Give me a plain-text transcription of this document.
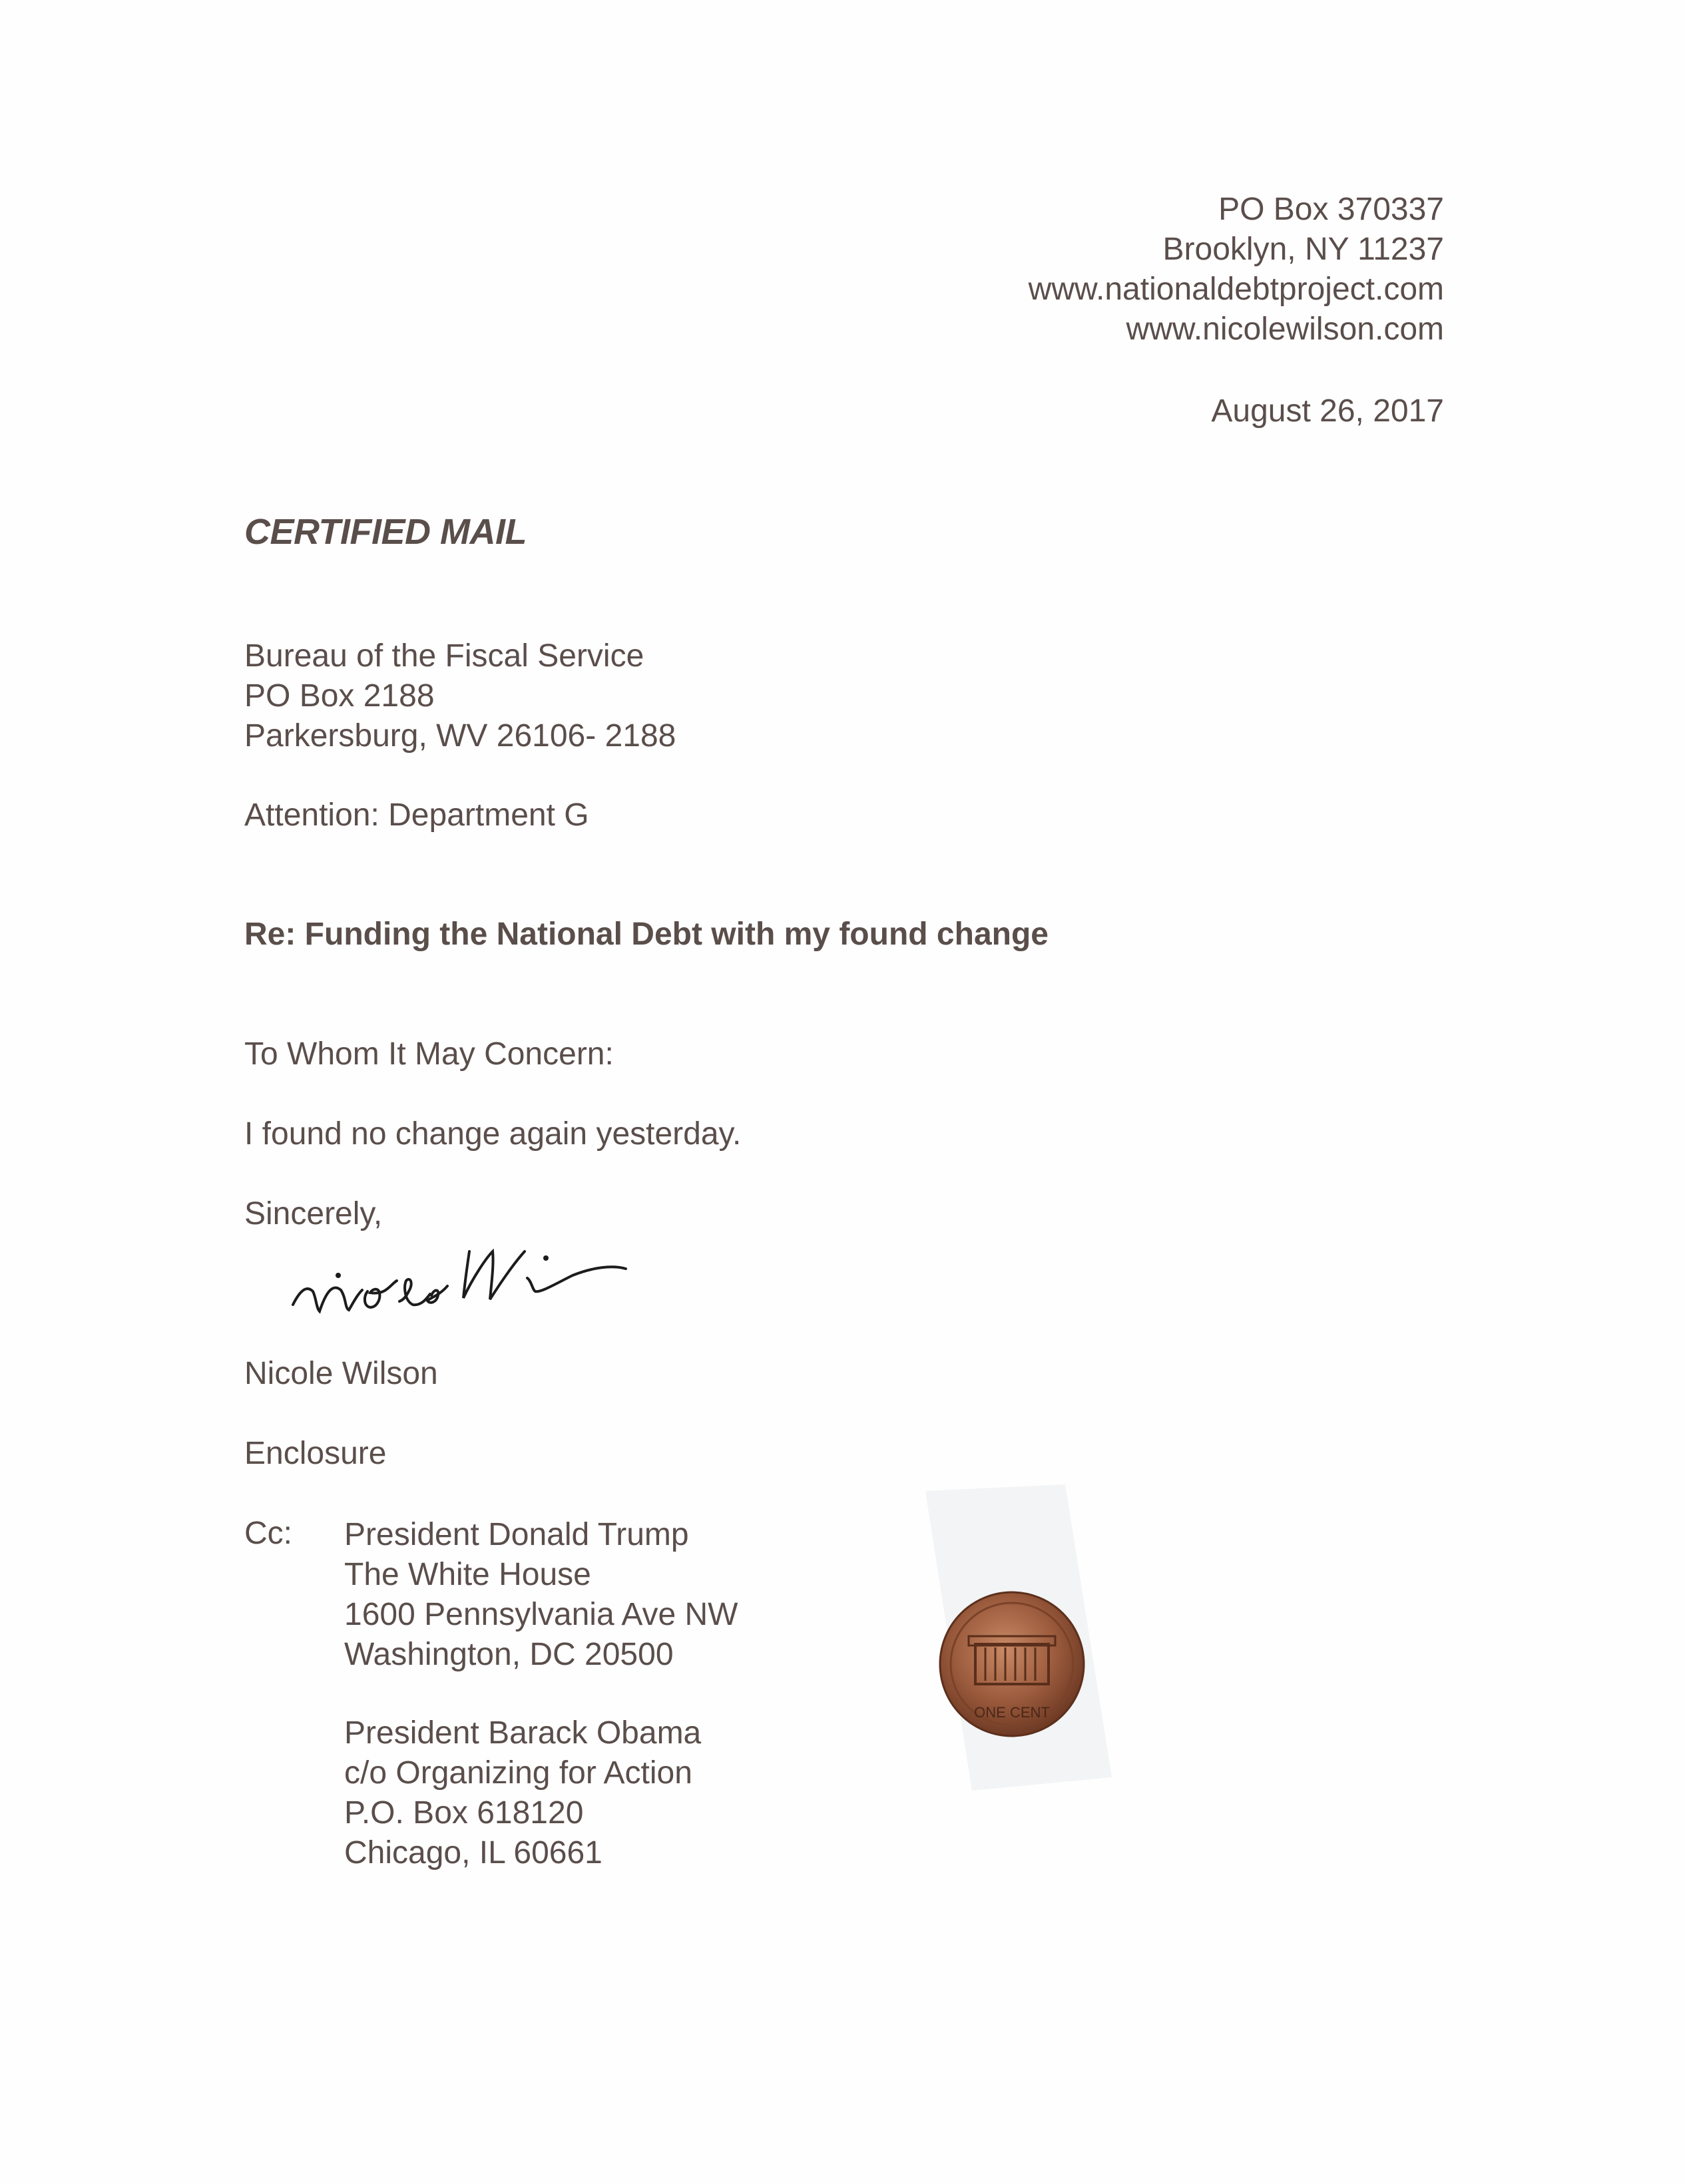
PO Box 370337
Brooklyn, NY 11237
www.nationaldebtproject.com
www.nicolewilson.com
August 26, 2017
CERTIFIED MAIL
Bureau of the Fiscal Service
PO Box 2188
Parkersburg, WV 26106- 2188
Attention: Department G
Re: Funding the National Debt with my found change
To Whom It May Concern:
I found no change again yesterday.
Sincerely,
Nicole Wilson
Enclosure
Cc: President Donald Trump
The White House
1600 Pennsylvania Ave NW
Washington, DC 20500
President Barack Obama
c/o Organizing for Action
P.O. Box 618120
Chicago, IL 60661
ONE CENT
